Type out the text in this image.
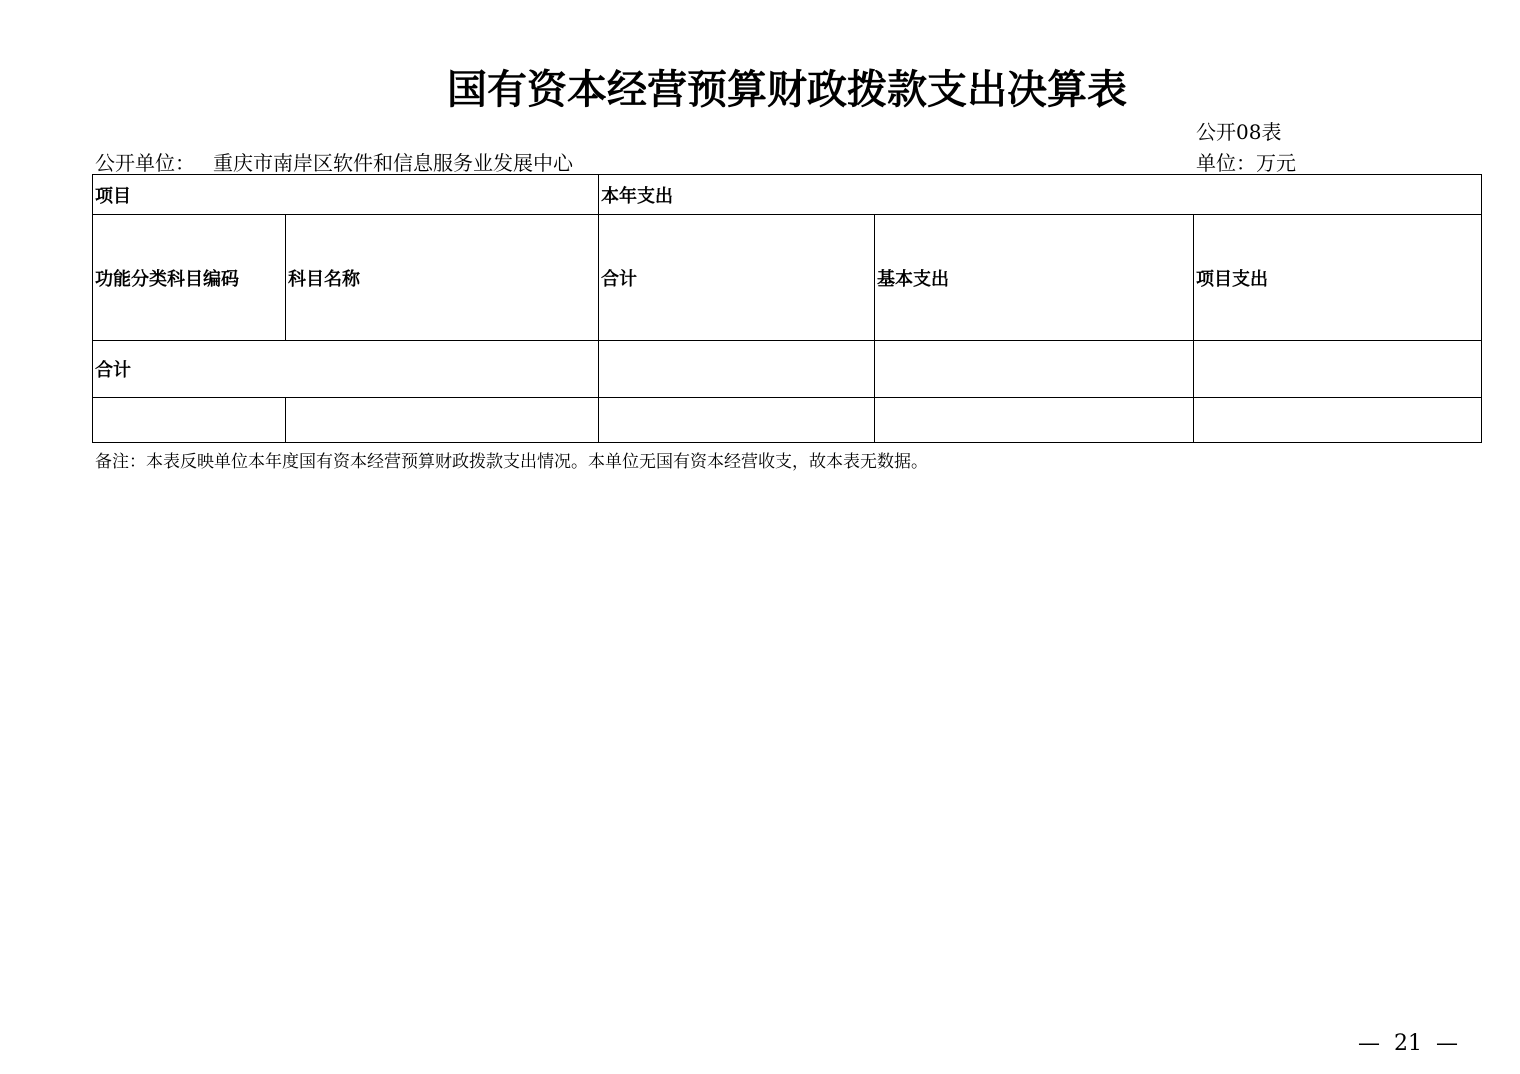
国有资本经营预算财政拨款支出决算表
公开08表
公开单位： 重庆市南岸区软件和信息服务业发展中心	单位：万元
项目		本年支出		
功能分类科目编码	科目名称	合计	基本支出	项目支出
合计				

备注：本表反映单位本年度国有资本经营预算财政拨款支出情况。本单位无国有资本经营收支，故本表无数据。
—  21  —
